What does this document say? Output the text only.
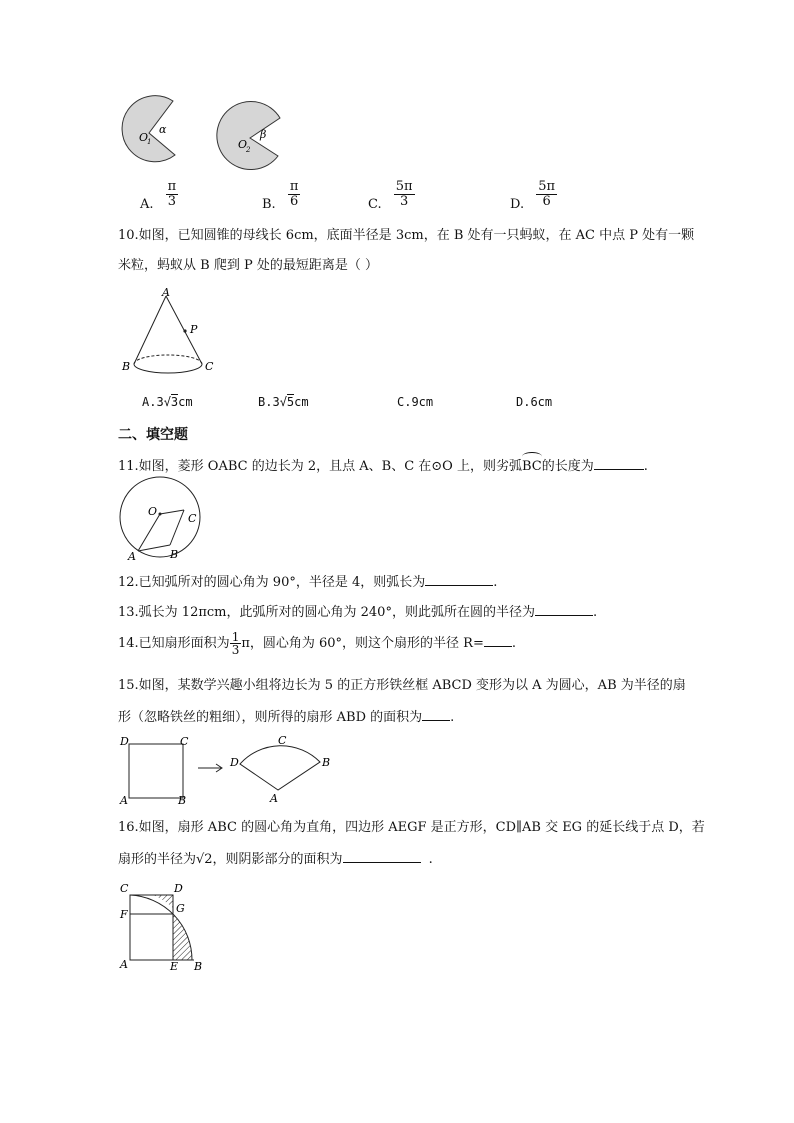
O
1
α
O
2
β
A. $\frac{\pi}{3}$	B. $\frac{\pi}{6}$	C. $\frac{5\pi}{3}$	D. $\frac{5\pi}{6}$
10.如图，已知圆锥的母线长 6cm，底面半径是 3cm，在 B 处有一只蚂蚁，在 AC 中点 P 处有一颗
米粒，蚂蚁从 B 爬到 P 处的最短距离是（ ）
A
P
B	C
A.3√3cm	B.3√5cm	C.9cm	D.6cm
二、填空题
11.如图，菱形 OABC 的边长为 2，且点 A、B、C 在⊙O 上，则劣弧BC的长度为	.
O
C
A	B
12.已知弧所对的圆心角为 90°，半径是 4，则弧长为	.
13.弧长为 12πcm，此弧所对的圆心角为 240°，则此弧所在圆的半径为	.
14.已知扇形面积为 $\frac{1}{3}$ π，圆心角为 60°，则这个扇形的半径 R= .
15.如图，某数学兴趣小组将边长为 5 的正方形铁丝框 ABCD 变形为以 A 为圆心，AB 为半径的扇
形（忽略铁丝的粗细），则所得的扇形 ABD 的面积为 .
D	C
A	B
D
C
B
A
16.如图，扇形 ABC 的圆心角为直角，四边形 AEGF 是正方形，CD∥AB 交 EG 的延长线于点 D，若
扇形的半径为√2，则阴影部分的面积为	.
C	D
F	G
A	E B
